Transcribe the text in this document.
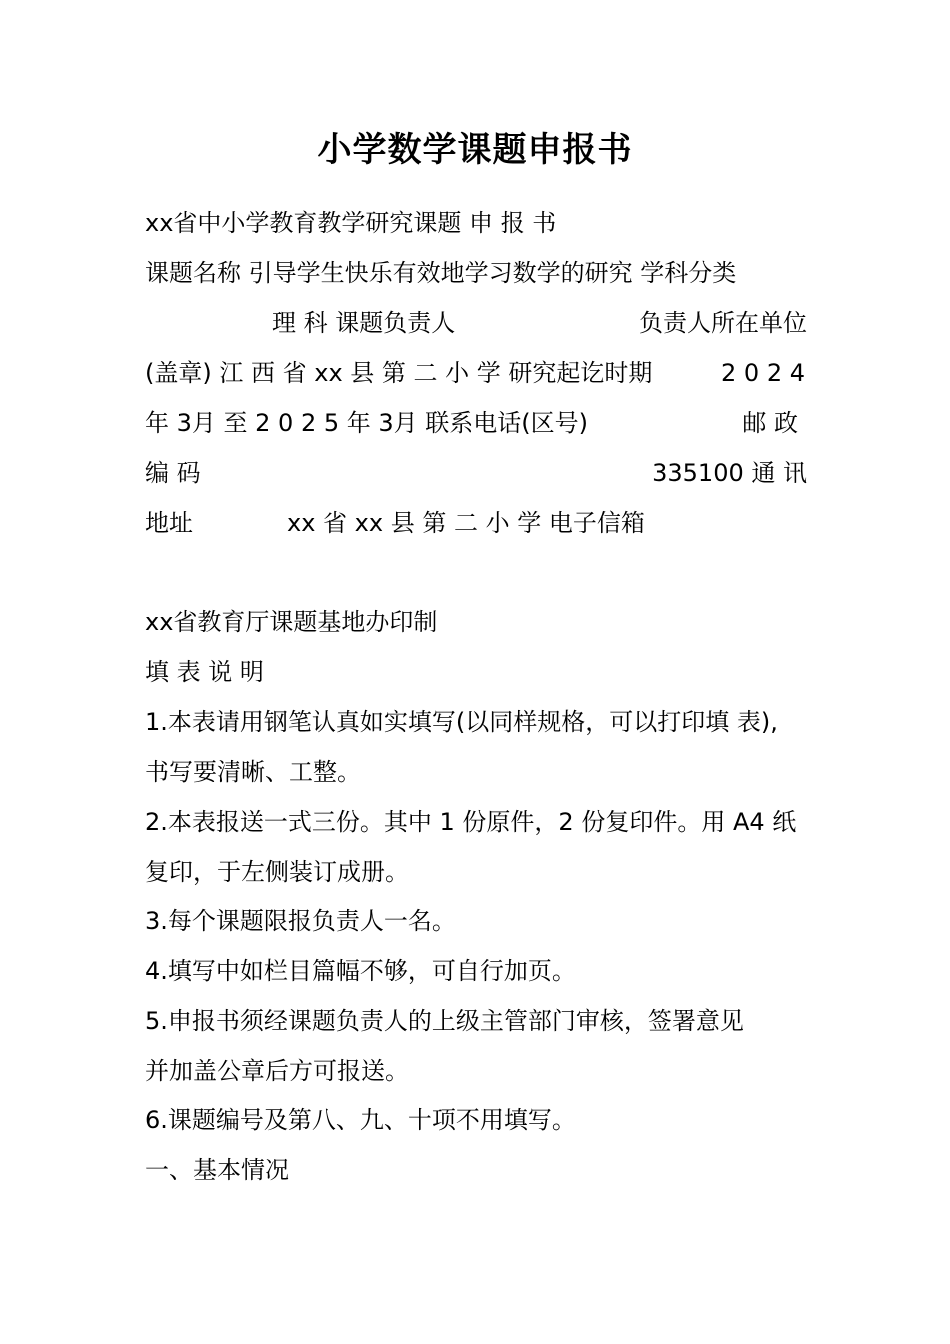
小学数学课题申报书
xx省中小学教育教学研究课题 申 报 书
课题名称 引导学生快乐有效地学习数学的研究 学科分类
理 科 课题负责人	负责人所在单位
(盖章) 江 西 省 xx 县 第 二 小 学 研究起讫时期	2 0 2 4
年 3月 至 2 0 2 5 年 3月 联系电话(区号)	邮 政
编 码	335100 通 讯
地址	xx 省 xx 县 第 二 小 学 电子信箱
xx省教育厅课题基地办印制
填 表 说 明
1.本表请用钢笔认真如实填写(以同样规格，可以打印填 表),
书写要清晰、工整。
2.本表报送一式三份。其中 1 份原件，2 份复印件。用 A4 纸
复印，于左侧装订成册。
3.每个课题限报负责人一名。
4.填写中如栏目篇幅不够，可自行加页。
5.申报书须经课题负责人的上级主管部门审核，签署意见
并加盖公章后方可报送。
6.课题编号及第八、九、十项不用填写。
一、基本情况
